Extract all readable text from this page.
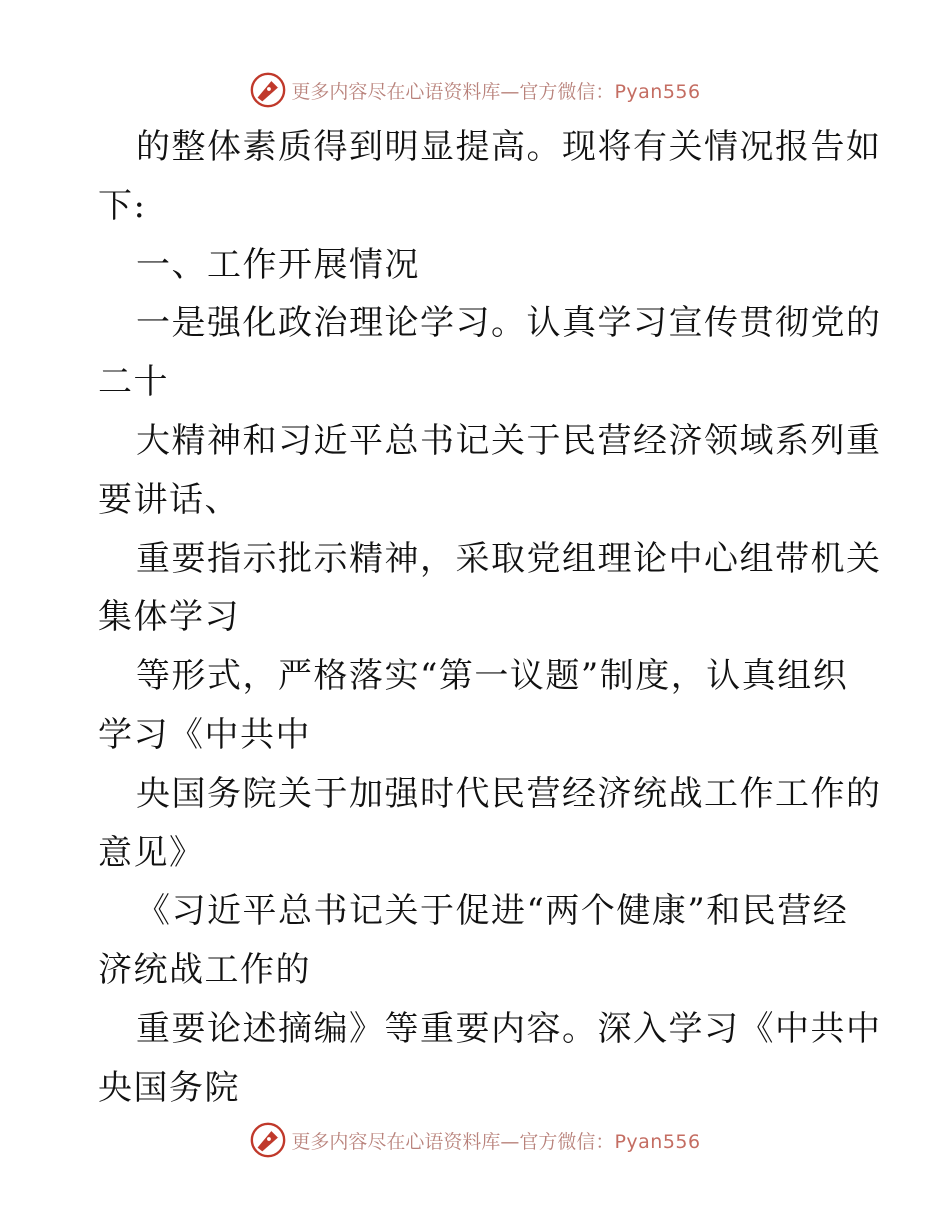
更多内容尽在心语资料库—官方微信：Pyan556
的整体素质得到明显提高。现将有关情况报告如
下:
一、工作开展情况
一是强化政治理论学习。认真学习宣传贯彻党的
二十
大精神和习近平总书记关于民营经济领域系列重
要讲话、
重要指示批示精神，采取党组理论中心组带机关
集体学习
等形式，严格落实“第一议题”制度，认真组织
学习《中共中
央国务院关于加强时代民营经济统战工作工作的
意见》
《习近平总书记关于促进“两个健康”和民营经
济统战工作的
重要论述摘编》等重要内容。深入学习《中共中
央国务院
更多内容尽在心语资料库—官方微信：Pyan556
